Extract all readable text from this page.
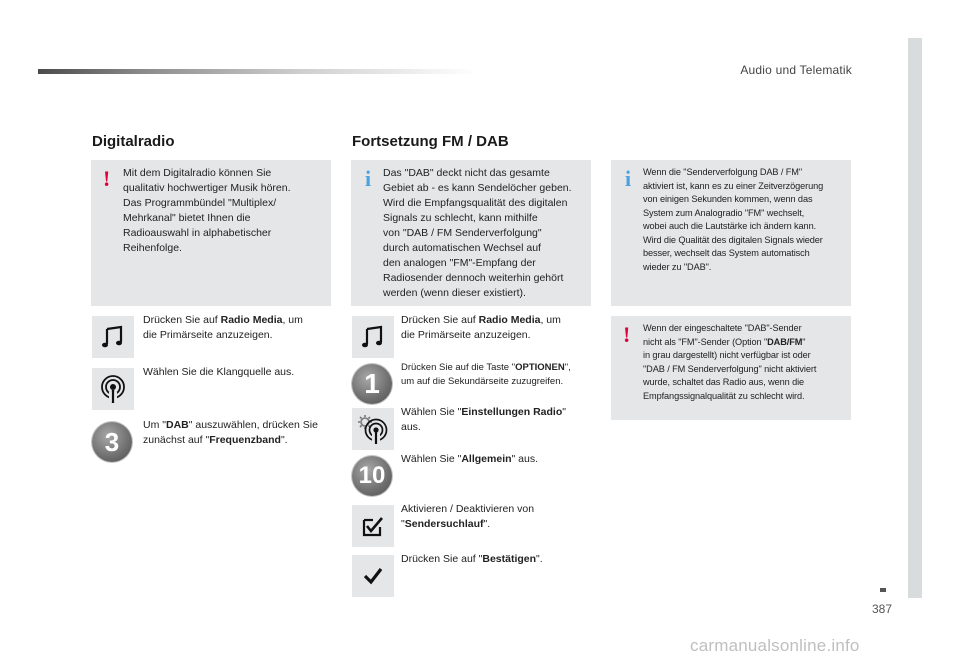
Audio und Telematik
387
Digitalradio
! Mit dem Digitalradio können Sie
qualitativ hochwertiger Musik hören.
Das Programmbündel "Multiplex/
Mehrkanal" bietet Ihnen die
Radioauswahl in alphabetischer
Reihenfolge.
Drücken Sie auf Radio Media, um
die Primärseite anzuzeigen.
Wählen Sie die Klangquelle aus.
3
Um "DAB" auszuwählen, drücken Sie
zunächst auf "Frequenzband".
Fortsetzung FM / DAB
i Das "DAB" deckt nicht das gesamte
Gebiet ab - es kann Sendelöcher geben.
Wird die Empfangsqualität des digitalen
Signals zu schlecht, kann mithilfe
von "DAB / FM Senderverfolgung"
durch automatischen Wechsel auf
den analogen "FM"-Empfang der
Radiosender dennoch weiterhin gehört
werden (wenn dieser existiert).
Drücken Sie auf Radio Media, um
die Primärseite anzuzeigen.
1
Drücken Sie auf die Taste "OPTIONEN",
um auf die Sekundärseite zuzugreifen.
Wählen Sie "Einstellungen Radio"
aus.
10
Wählen Sie "Allgemein" aus.
Aktivieren / Deaktivieren von
"Sendersuchlauf".
Drücken Sie auf "Bestätigen".
i Wenn die "Senderverfolgung DAB / FM"
aktiviert ist, kann es zu einer Zeitverzögerung
von einigen Sekunden kommen, wenn das
System zum Analogradio "FM" wechselt,
wobei auch die Lautstärke ich ändern kann.
Wird die Qualität des digitalen Signals wieder
besser, wechselt das System automatisch
wieder zu "DAB".
! Wenn der eingeschaltete "DAB"-Sender
nicht als "FM"-Sender (Option "DAB/FM"
in grau dargestellt) nicht verfügbar ist oder
"DAB / FM Senderverfolgung" nicht aktiviert
wurde, schaltet das Radio aus, wenn die
Empfangssignalqualität zu schlecht wird.
carmanualsonline.info
